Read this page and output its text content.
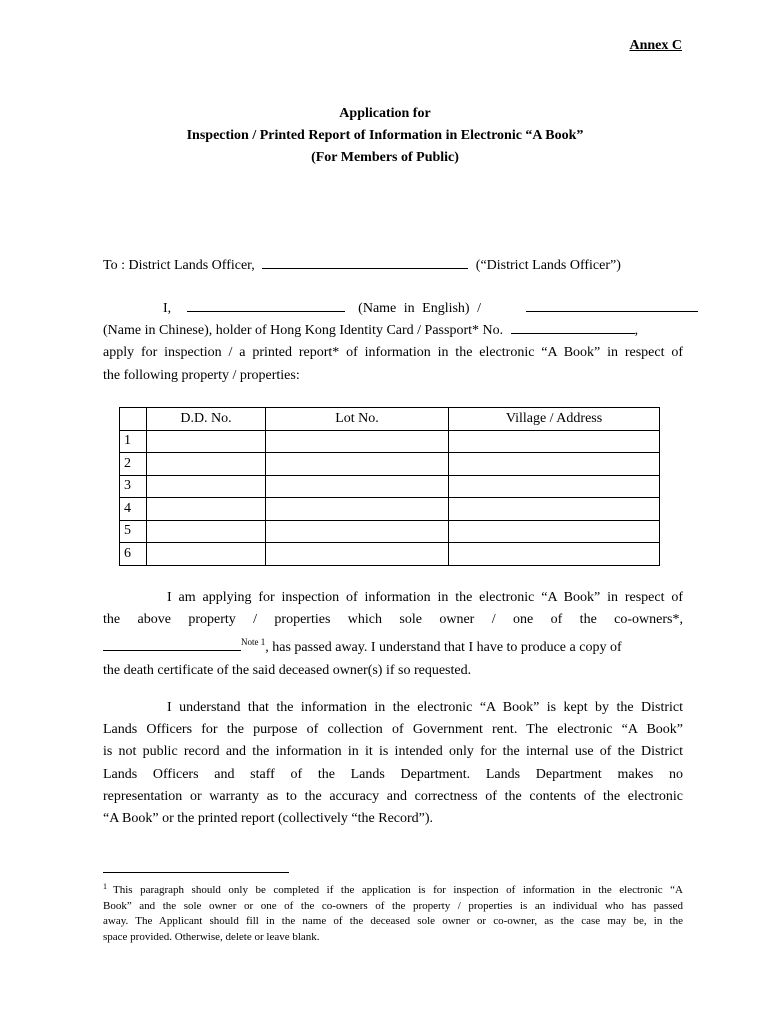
Annex C
Application for
Inspection / Printed Report of Information in Electronic “A Book”
(For Members of Public)
To : District Lands Officer,	(“District Lands Officer”)
I,	(Name in English) /
(Name in Chinese), holder of Hong Kong Identity Card / Passport* No.	,
apply for inspection / a printed report* of information in the electronic “A Book” in respect of
the following property / properties:
	D.D. No.	Lot No.	Village / Address
1			
2			
3			
4			
5			
6			
I am applying for inspection of information in the electronic “A Book” in respect of
the above property / properties which sole owner / one of the co-owners*,
$^{Note 1}$, has passed away. I understand that I have to produce a copy of
the death certificate of the said deceased owner(s) if so requested.
I understand that the information in the electronic “A Book” is kept by the District
Lands Officers for the purpose of collection of Government rent. The electronic “A Book”
is not public record and the information in it is intended only for the internal use of the District
Lands Officers and staff of the Lands Department. Lands Department makes no
representation or warranty as to the accuracy and correctness of the contents of the electronic
“A Book” or the printed report (collectively “the Record”).
$^1$ This paragraph should only be completed if the application is for inspection of information in the electronic “A
Book” and the sole owner or one of the co-owners of the property / properties is an individual who has passed
away. The Applicant should fill in the name of the deceased sole owner or co-owner, as the case may be, in the
space provided. Otherwise, delete or leave blank.
